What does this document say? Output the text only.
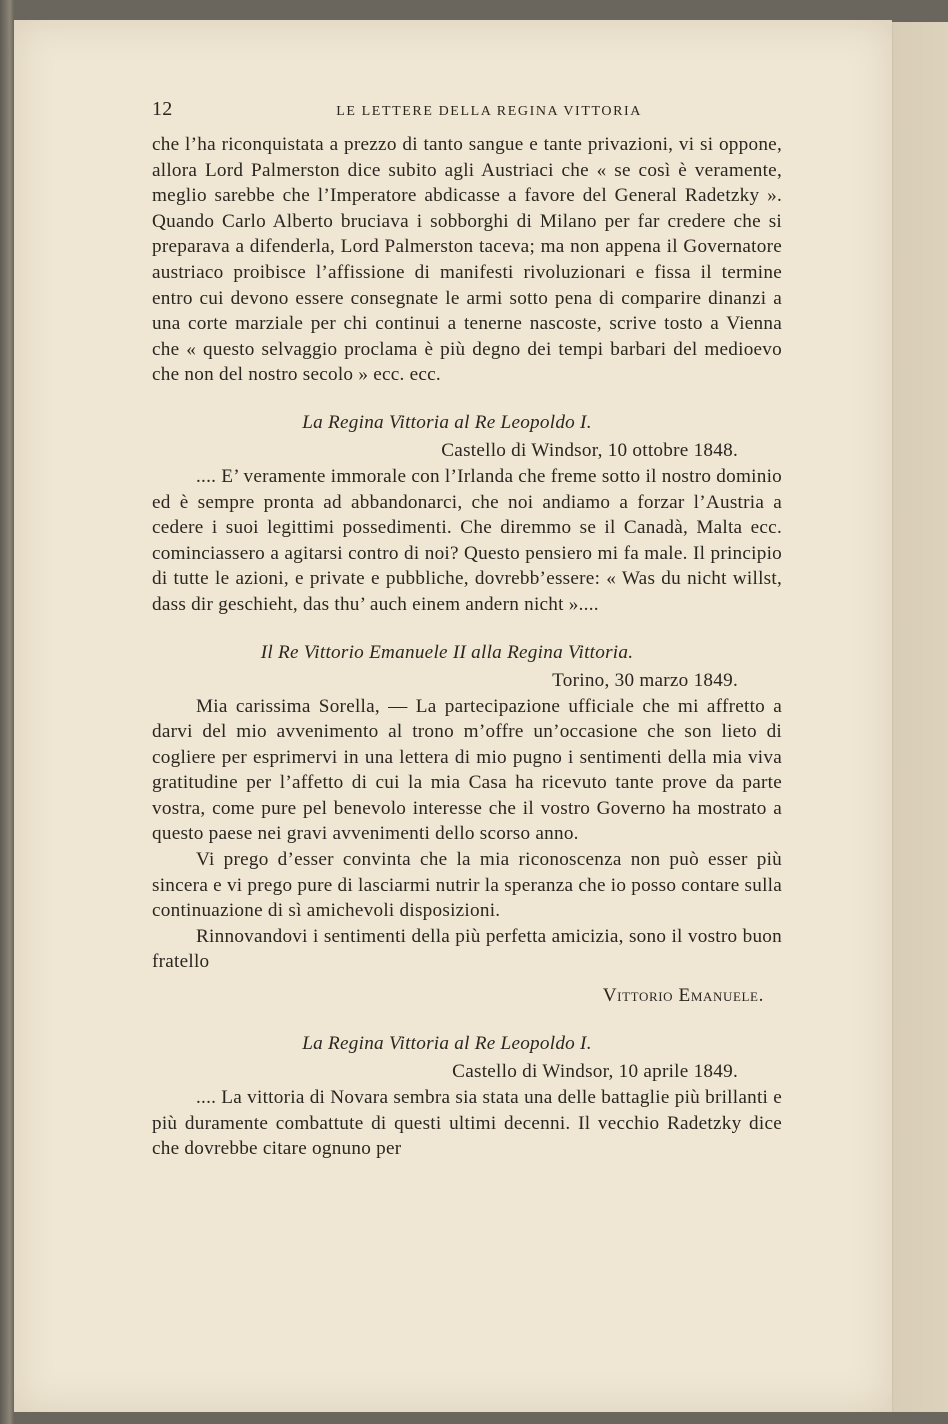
12	LE LETTERE DELLA REGINA VITTORIA

che l’ha riconquistata a prezzo di tanto sangue e tante privazioni, vi si oppone, allora Lord Palmerston dice subito agli Austriaci che « se così è veramente, meglio sarebbe che l’Imperatore abdicasse a favore del General Radetzky ». Quando Carlo Alberto bruciava i sobborghi di Milano per far credere che si preparava a difenderla, Lord Palmerston taceva; ma non appena il Governatore austriaco proibisce l’affissione di manifesti rivoluzionari e fissa il termine entro cui devono essere consegnate le armi sotto pena di comparire dinanzi a una corte marziale per chi continui a tenerne nascoste, scrive tosto a Vienna che « questo selvaggio proclama è più degno dei tempi barbari del medioevo che non del nostro secolo » ecc. ecc.

La Regina Vittoria al Re Leopoldo I.
Castello di Windsor, 10 ottobre 1848.

.... E’ veramente immorale con l’Irlanda che freme sotto il nostro dominio ed è sempre pronta ad abbandonarci, che noi andiamo a forzar l’Austria a cedere i suoi legittimi possedimenti. Che diremmo se il Canadà, Malta ecc. cominciassero a agitarsi contro di noi? Questo pensiero mi fa male. Il principio di tutte le azioni, e private e pubbliche, dovrebb’essere: « Was du nicht willst, dass dir geschieht, das thu’ auch einem andern nicht »....

Il Re Vittorio Emanuele II alla Regina Vittoria.
Torino, 30 marzo 1849.

Mia carissima Sorella, — La partecipazione ufficiale che mi affretto a darvi del mio avvenimento al trono m’offre un’occasione che son lieto di cogliere per esprimervi in una lettera di mio pugno i sentimenti della mia viva gratitudine per l’affetto di cui la mia Casa ha ricevuto tante prove da parte vostra, come pure pel benevolo interesse che il vostro Governo ha mostrato a questo paese nei gravi avvenimenti dello scorso anno.

Vi prego d’esser convinta che la mia riconoscenza non può esser più sincera e vi prego pure di lasciarmi nutrir la speranza che io posso contare sulla continuazione di sì amichevoli disposizioni.

Rinnovandovi i sentimenti della più perfetta amicizia, sono il vostro buon fratello

Vittorio Emanuele.
La Regina Vittoria al Re Leopoldo I.
Castello di Windsor, 10 aprile 1849.

.... La vittoria di Novara sembra sia stata una delle battaglie più brillanti e più duramente combattute di questi ultimi decenni. Il vecchio Radetzky dice che dovrebbe citare ognuno per
